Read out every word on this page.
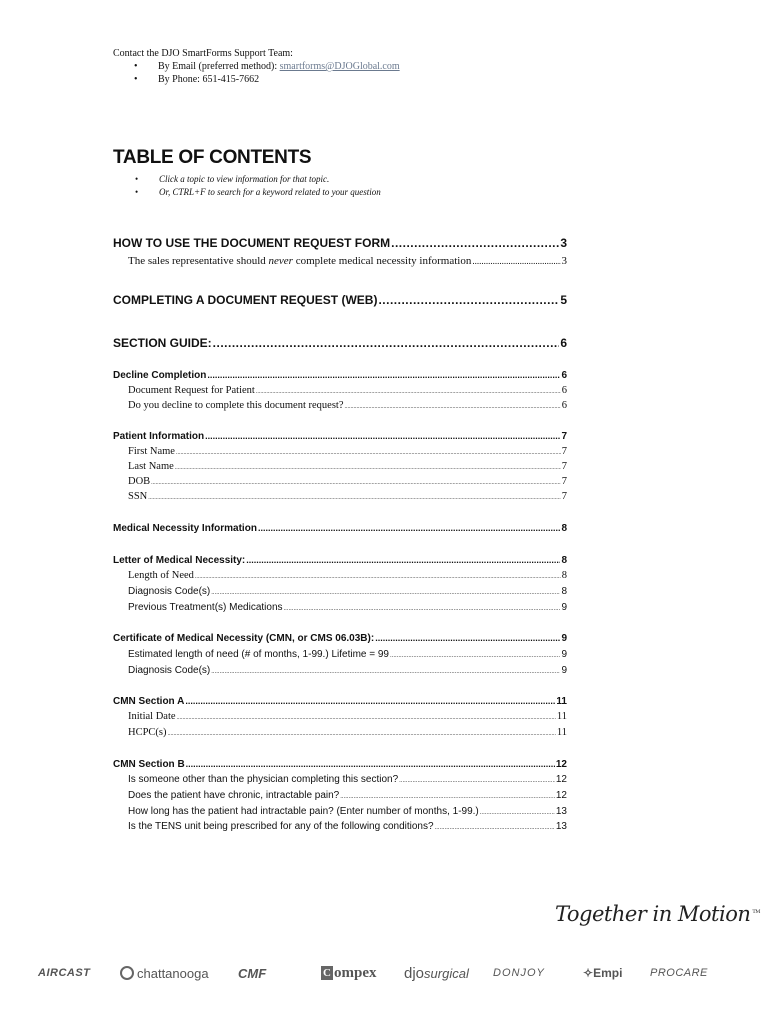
Contact the DJO SmartForms Support Team:
• By Email (preferred method): smartforms@DJOGlobal.com
• By Phone: 651-415-7662
TABLE OF CONTENTS
• Click a topic to view information for that topic.
• Or, CTRL+F to search for a keyword related to your question
HOW TO USE THE DOCUMENT REQUEST FORM .....	3
The sales representative should never complete medical necessity information .....	3
COMPLETING A DOCUMENT REQUEST (WEB) .....	5
SECTION GUIDE: .....	6
Decline Completion .....	6
Document Request for Patient .....	6
Do you decline to complete this document request? .....	6
Patient Information .....	7
First Name .....	7
Last Name .....	7
DOB .....	7
SSN .....	7
Medical Necessity Information .....	8
Letter of Medical Necessity: .....	8
Length of Need .....	8
Diagnosis Code(s) .....	8
Previous Treatment(s) Medications .....	9
Certificate of Medical Necessity (CMN, or CMS 06.03B): .....	9
Estimated length of need (# of months, 1-99.) Lifetime = 99 .....	9
Diagnosis Code(s) .....	9
CMN Section A .....	11
Initial Date .....	11
HCPC(s) .....	11
CMN Section B .....	12
Is someone other than the physician completing this section? .....	12
Does the patient have chronic, intractable pain? .....	12
How long has the patient had intractable pain? (Enter number of months, 1-99.) .....	13
Is the TENS unit being prescribed for any of the following conditions? .....	13
Together in Motion ™
AIRCAST	chattanooga CMF	C ompex djo surgical DONJOY	✧ Empi	PROCARE
